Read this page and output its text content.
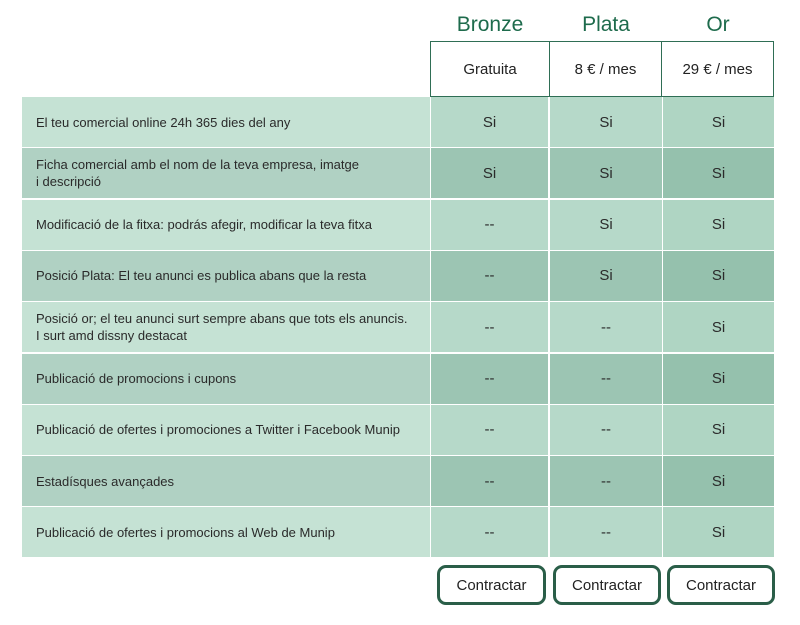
Bronze	Plata	Or
Gratuita	8 € / mes	29 € / mes
El teu comercial online 24h 365 dies del any	Si	Si	Si
Ficha comercial amb el nom de la teva empresa, imatge
i descripció	Si	Si	Si
Modificació de la fitxa: podrás afegir, modificar la teva fitxa	--	Si	Si
Posició Plata: El teu anunci es publica abans que la resta	--	Si	Si
Posició or; el teu anunci surt sempre abans que tots els anuncis.
I surt amd dissny destacat	--	--	Si
Publicació de promocions i cupons	--	--	Si
Publicació de ofertes i promociones a Twitter i Facebook Munip	--	--	Si
Estadísques avançades	--	--	Si
Publicació de ofertes i promocions al Web de Munip	--	--	Si
Contractar	Contractar	Contractar
